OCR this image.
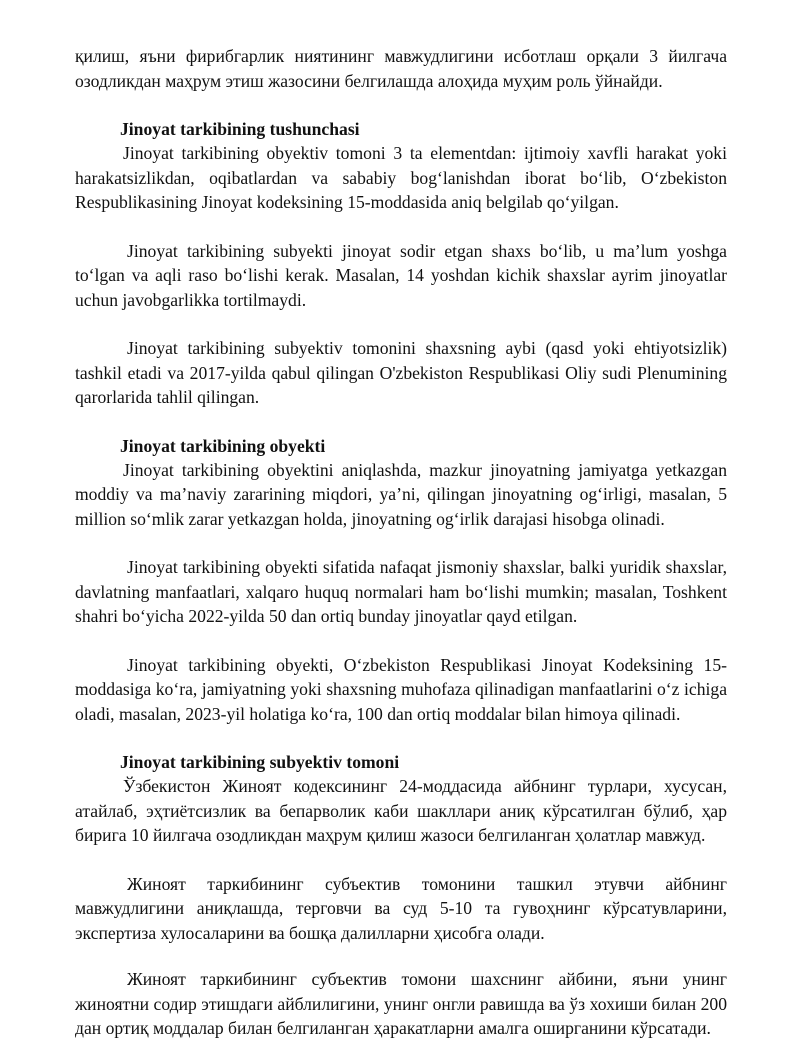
қилиш, яъни фирибгарлик ниятининг мавжудлигини исботлаш орқали 3 йилгача озодликдан маҳрум этиш жазосини белгилашда алоҳида муҳим роль ўйнайди.

Jinoyat tarkibining tushunchasi

Jinoyat tarkibining obyektiv tomoni 3 ta elementdan: ijtimoiy xavfli harakat yoki harakatsizlikdan, oqibatlardan va sababiy bog‘lanishdan iborat bo‘lib, O‘zbekiston Respublikasining Jinoyat kodeksining 15-moddasida aniq belgilab qo‘yilgan.

Jinoyat tarkibining subyekti jinoyat sodir etgan shaxs bo‘lib, u ma’lum yoshga to‘lgan va aqli raso bo‘lishi kerak. Masalan, 14 yoshdan kichik shaxslar ayrim jinoyatlar uchun javobgarlikka tortilmaydi.

Jinoyat tarkibining subyektiv tomonini shaxsning aybi (qasd yoki ehtiyotsizlik) tashkil etadi va 2017-yilda qabul qilingan O'zbekiston Respublikasi Oliy sudi Plenumining qarorlarida tahlil qilingan.

Jinoyat tarkibining obyekti

Jinoyat tarkibining obyektini aniqlashda, mazkur jinoyatning jamiyatga yetkazgan moddiy va ma’naviy zararining miqdori, ya’ni, qilingan jinoyatning og‘irligi, masalan, 5 million so‘mlik zarar yetkazgan holda, jinoyatning og‘irlik darajasi hisobga olinadi.

Jinoyat tarkibining obyekti sifatida nafaqat jismoniy shaxslar, balki yuridik shaxslar, davlatning manfaatlari, xalqaro huquq normalari ham bo‘lishi mumkin; masalan, Toshkent shahri bo‘yicha 2022-yilda 50 dan ortiq bunday jinoyatlar qayd etilgan.

Jinoyat tarkibining obyekti, O‘zbekiston Respublikasi Jinoyat Kodeksining 15-moddasiga ko‘ra, jamiyatning yoki shaxsning muhofaza qilinadigan manfaatlarini o‘z ichiga oladi, masalan, 2023-yil holatiga ko‘ra, 100 dan ortiq moddalar bilan himoya qilinadi.

Jinoyat tarkibining subyektiv tomoni

Ўзбекистон Жиноят кодексининг 24-моддасида айбнинг турлари, хусусан, атайлаб, эҳтиётсизлик ва бепарволик каби шакллари аниқ кўрсатилган бўлиб, ҳар бирига 10 йилгача озодликдан маҳрум қилиш жазоси белгиланган ҳолатлар мавжуд.

Жиноят таркибининг субъектив томонини ташкил этувчи айбнинг мавжудлигини аниқлашда, терговчи ва суд 5-10 та гувоҳнинг кўрсатувларини, экспертиза хулосаларини ва бошқа далилларни ҳисобга олади.

Жиноят таркибининг субъектив томони шахснинг айбини, яъни унинг жиноятни содир этишдаги айблилигини, унинг онгли равишда ва ўз хохиши билан 200 дан ортиқ моддалар билан белгиланган ҳаракатларни амалга оширганини кўрсатади.
